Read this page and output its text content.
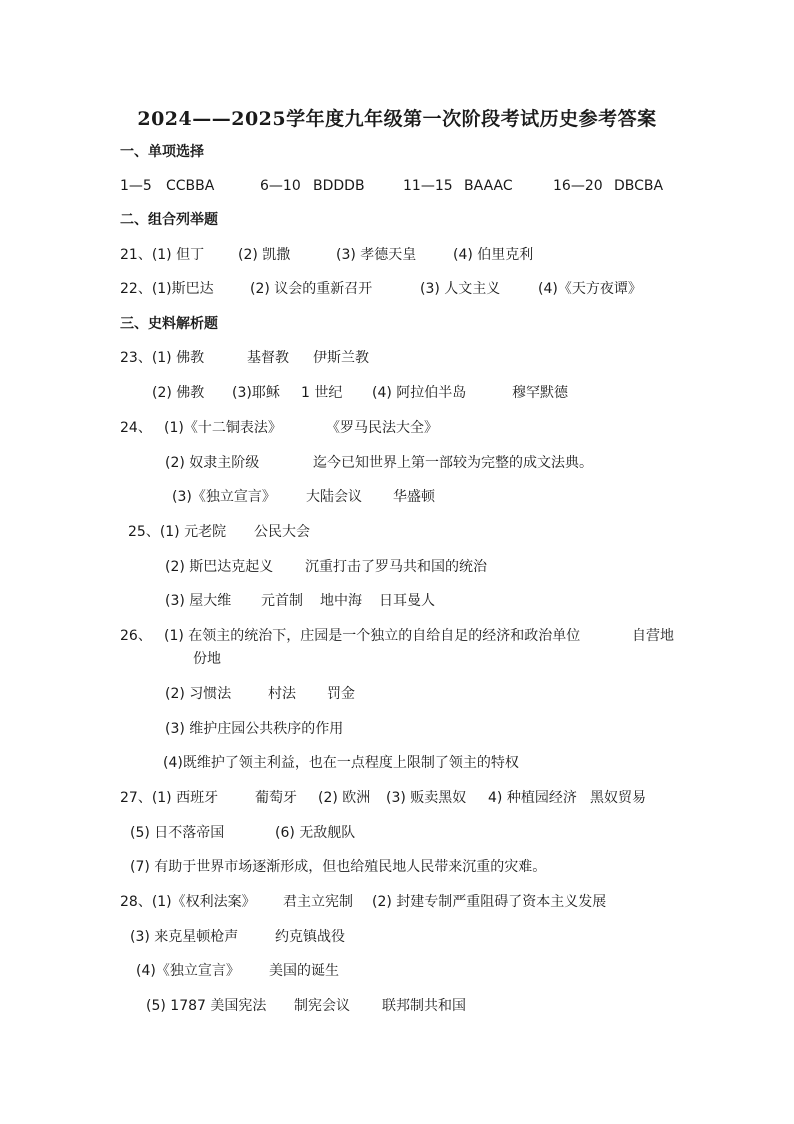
2024——2025学年度九年级第一次阶段考试历史参考答案
一、单项选择
1—5 CCBBA	6—10 BDDDB	11—15 BAAAC	16—20 DBCBA
二、组合列举题
21、(1) 但丁 (2) 凯撒	(3) 孝德天皇	(4) 伯里克利
22、(1)斯巴达	(2) 议会的重新召开	(3) 人文主义	(4)《天方夜谭》
三、史料解析题
23、(1) 佛教	基督教 伊斯兰教
(2) 佛教 (3)耶稣 1 世纪 (4) 阿拉伯半岛	穆罕默德
24、 (1)《十二铜表法》	《罗马民法大全》
(2) 奴隶主阶级	迄今已知世界上第一部较为完整的成文法典。
(3)《独立宣言》 大陆会议 华盛顿
25、(1) 元老院 公民大会
(2) 斯巴达克起义 沉重打击了罗马共和国的统治
(3) 屋大维 元首制 地中海 日耳曼人
26、 (1) 在领主的统治下，庄园是一个独立的自给自足的经济和政治单位	自营地
份地
(2) 习惯法	村法 罚金
(3) 维护庄园公共秩序的作用
(4)既维护了领主利益，也在一点程度上限制了领主的特权
27、(1) 西班牙	葡萄牙 (2) 欧洲 (3) 贩卖黑奴 4) 种植园经济 黑奴贸易
(5) 日不落帝国	(6) 无敌舰队
(7) 有助于世界市场逐渐形成，但也给殖民地人民带来沉重的灾难。
28、(1)《权利法案》 君主立宪制 (2) 封建专制严重阻碍了资本主义发展
(3) 来克星顿枪声	约克镇战役
(4)《独立宣言》 美国的诞生
(5) 1787 美国宪法 制宪会议 联邦制共和国
